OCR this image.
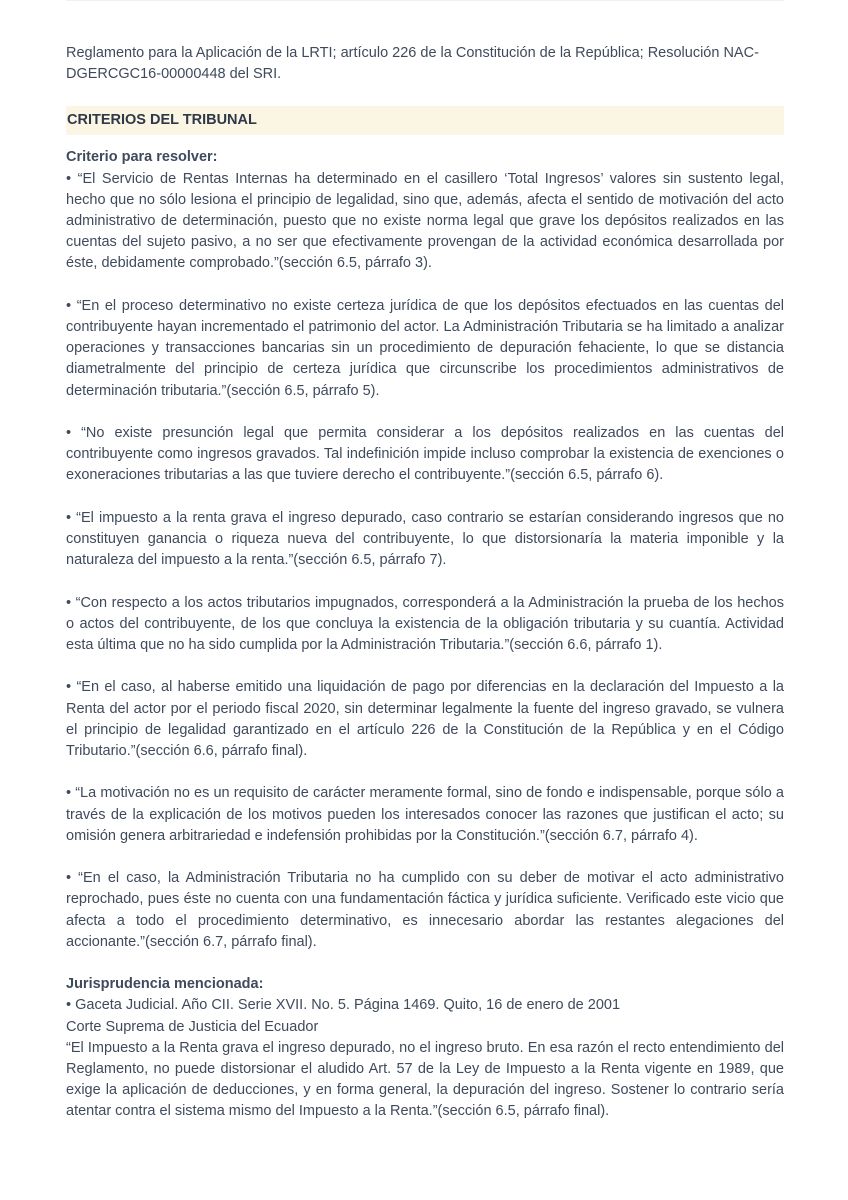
Reglamento para la Aplicación de la LRTI; artículo 226 de la Constitución de la República; Resolución NAC-DGERCGC16-00000448 del SRI.

CRITERIOS DEL TRIBUNAL
Criterio para resolver:

• “El Servicio de Rentas Internas ha determinado en el casillero ‘Total Ingresos’ valores sin sustento legal, hecho que no sólo lesiona el principio de legalidad, sino que, además, afecta el sentido de motivación del acto administrativo de determinación, puesto que no existe norma legal que grave los depósitos realizados en las cuentas del sujeto pasivo, a no ser que efectivamente provengan de la actividad económica desarrollada por éste, debidamente comprobado.”(sección 6.5, párrafo 3).

• “En el proceso determinativo no existe certeza jurídica de que los depósitos efectuados en las cuentas del contribuyente hayan incrementado el patrimonio del actor. La Administración Tributaria se ha limitado a analizar operaciones y transacciones bancarias sin un procedimiento de depuración fehaciente, lo que se distancia diametralmente del principio de certeza jurídica que circunscribe los procedimientos administrativos de determinación tributaria.”(sección 6.5, párrafo 5).

• “No existe presunción legal que permita considerar a los depósitos realizados en las cuentas del contribuyente como ingresos gravados. Tal indefinición impide incluso comprobar la existencia de exenciones o exoneraciones tributarias a las que tuviere derecho el contribuyente.”(sección 6.5, párrafo 6).

• “El impuesto a la renta grava el ingreso depurado, caso contrario se estarían considerando ingresos que no constituyen ganancia o riqueza nueva del contribuyente, lo que distorsionaría la materia imponible y la naturaleza del impuesto a la renta.”(sección 6.5, párrafo 7).

• “Con respecto a los actos tributarios impugnados, corresponderá a la Administración la prueba de los hechos o actos del contribuyente, de los que concluya la existencia de la obligación tributaria y su cuantía. Actividad esta última que no ha sido cumplida por la Administración Tributaria.”(sección 6.6, párrafo 1).

• “En el caso, al haberse emitido una liquidación de pago por diferencias en la declaración del Impuesto a la Renta del actor por el periodo fiscal 2020, sin determinar legalmente la fuente del ingreso gravado, se vulnera el principio de legalidad garantizado en el artículo 226 de la Constitución de la República y en el Código Tributario.”(sección 6.6, párrafo final).

• “La motivación no es un requisito de carácter meramente formal, sino de fondo e indispensable, porque sólo a través de la explicación de los motivos pueden los interesados conocer las razones que justifican el acto; su omisión genera arbitrariedad e indefensión prohibidas por la Constitución.”(sección 6.7, párrafo 4).

• “En el caso, la Administración Tributaria no ha cumplido con su deber de motivar el acto administrativo reprochado, pues éste no cuenta con una fundamentación fáctica y jurídica suficiente. Verificado este vicio que afecta a todo el procedimiento determinativo, es innecesario abordar las restantes alegaciones del accionante.”(sección 6.7, párrafo final).

Jurisprudencia mencionada:

• Gaceta Judicial. Año CII. Serie XVII. No. 5. Página 1469. Quito, 16 de enero de 2001

Corte Suprema de Justicia del Ecuador

“El Impuesto a la Renta grava el ingreso depurado, no el ingreso bruto. En esa razón el recto entendimiento del Reglamento, no puede distorsionar el aludido Art. 57 de la Ley de Impuesto a la Renta vigente en 1989, que exige la aplicación de deducciones, y en forma general, la depuración del ingreso. Sostener lo contrario sería atentar contra el sistema mismo del Impuesto a la Renta.”(sección 6.5, párrafo final).
